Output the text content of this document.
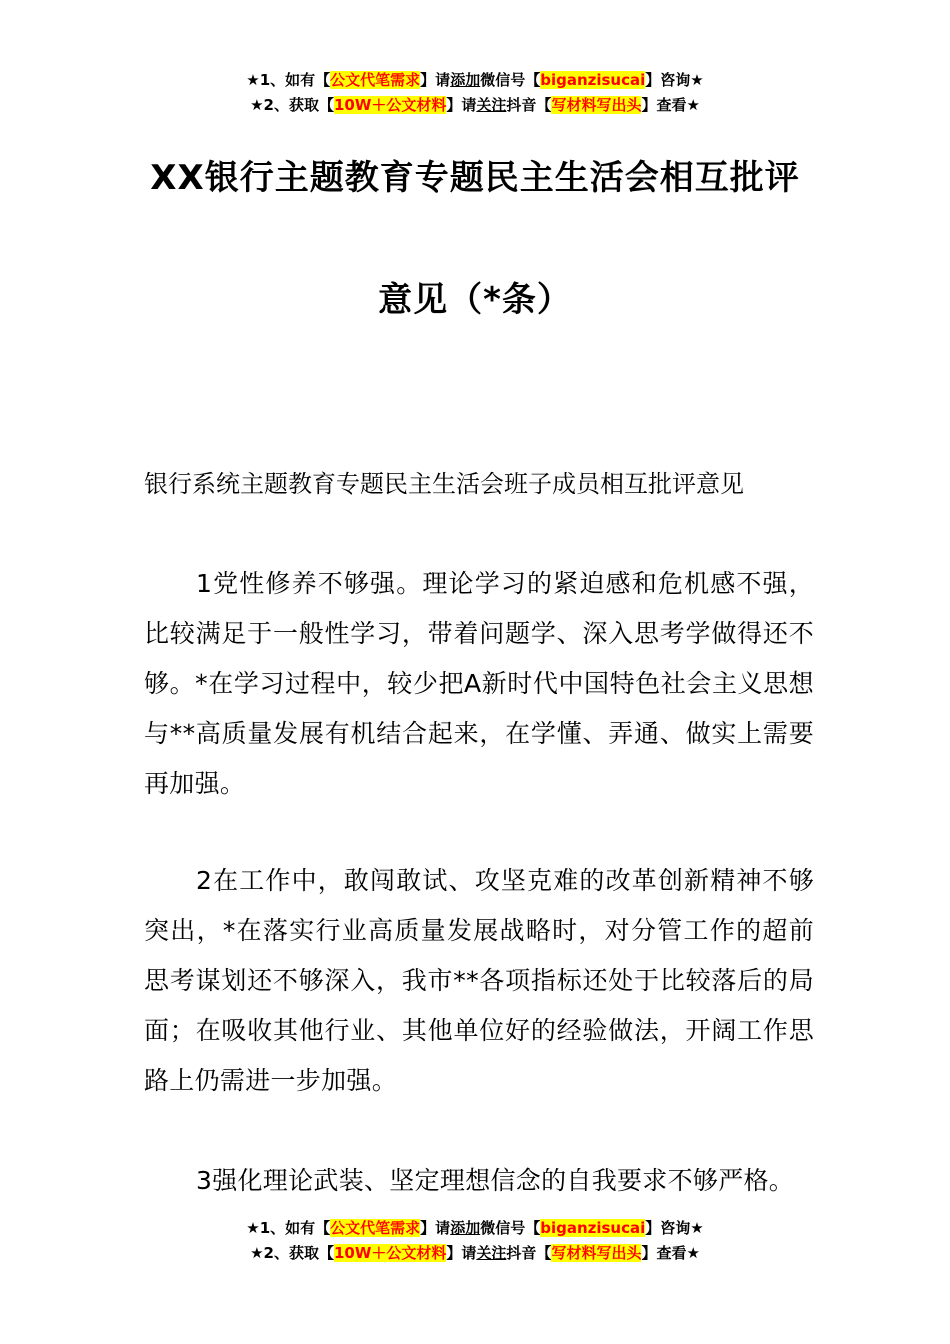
★1、如有【公文代笔需求】请添加微信号【biganzisucai】咨询★
★2、获取【10W＋公文材料】请关注抖音【写材料写出头】查看★
XX银行主题教育专题民主生活会相互批评
意见（*条）
银行系统主题教育专题民主生活会班子成员相互批评意见
1党性修养不够强。理论学习的紧迫感和危机感不强，比较满足于一般性学习，带着问题学、深入思考学做得还不够。*在学习过程中，较少把A新时代中国特色社会主义思想与**高质量发展有机结合起来，在学懂、弄通、做实上需要再加强。
2在工作中，敢闯敢试、攻坚克难的改革创新精神不够突出，*在落实行业高质量发展战略时，对分管工作的超前思考谋划还不够深入，我市**各项指标还处于比较落后的局面；在吸收其他行业、其他单位好的经验做法，开阔工作思路上仍需进一步加强。
3强化理论武装、坚定理想信念的自我要求不够严格。
★1、如有【公文代笔需求】请添加微信号【biganzisucai】咨询★
★2、获取【10W＋公文材料】请关注抖音【写材料写出头】查看★
